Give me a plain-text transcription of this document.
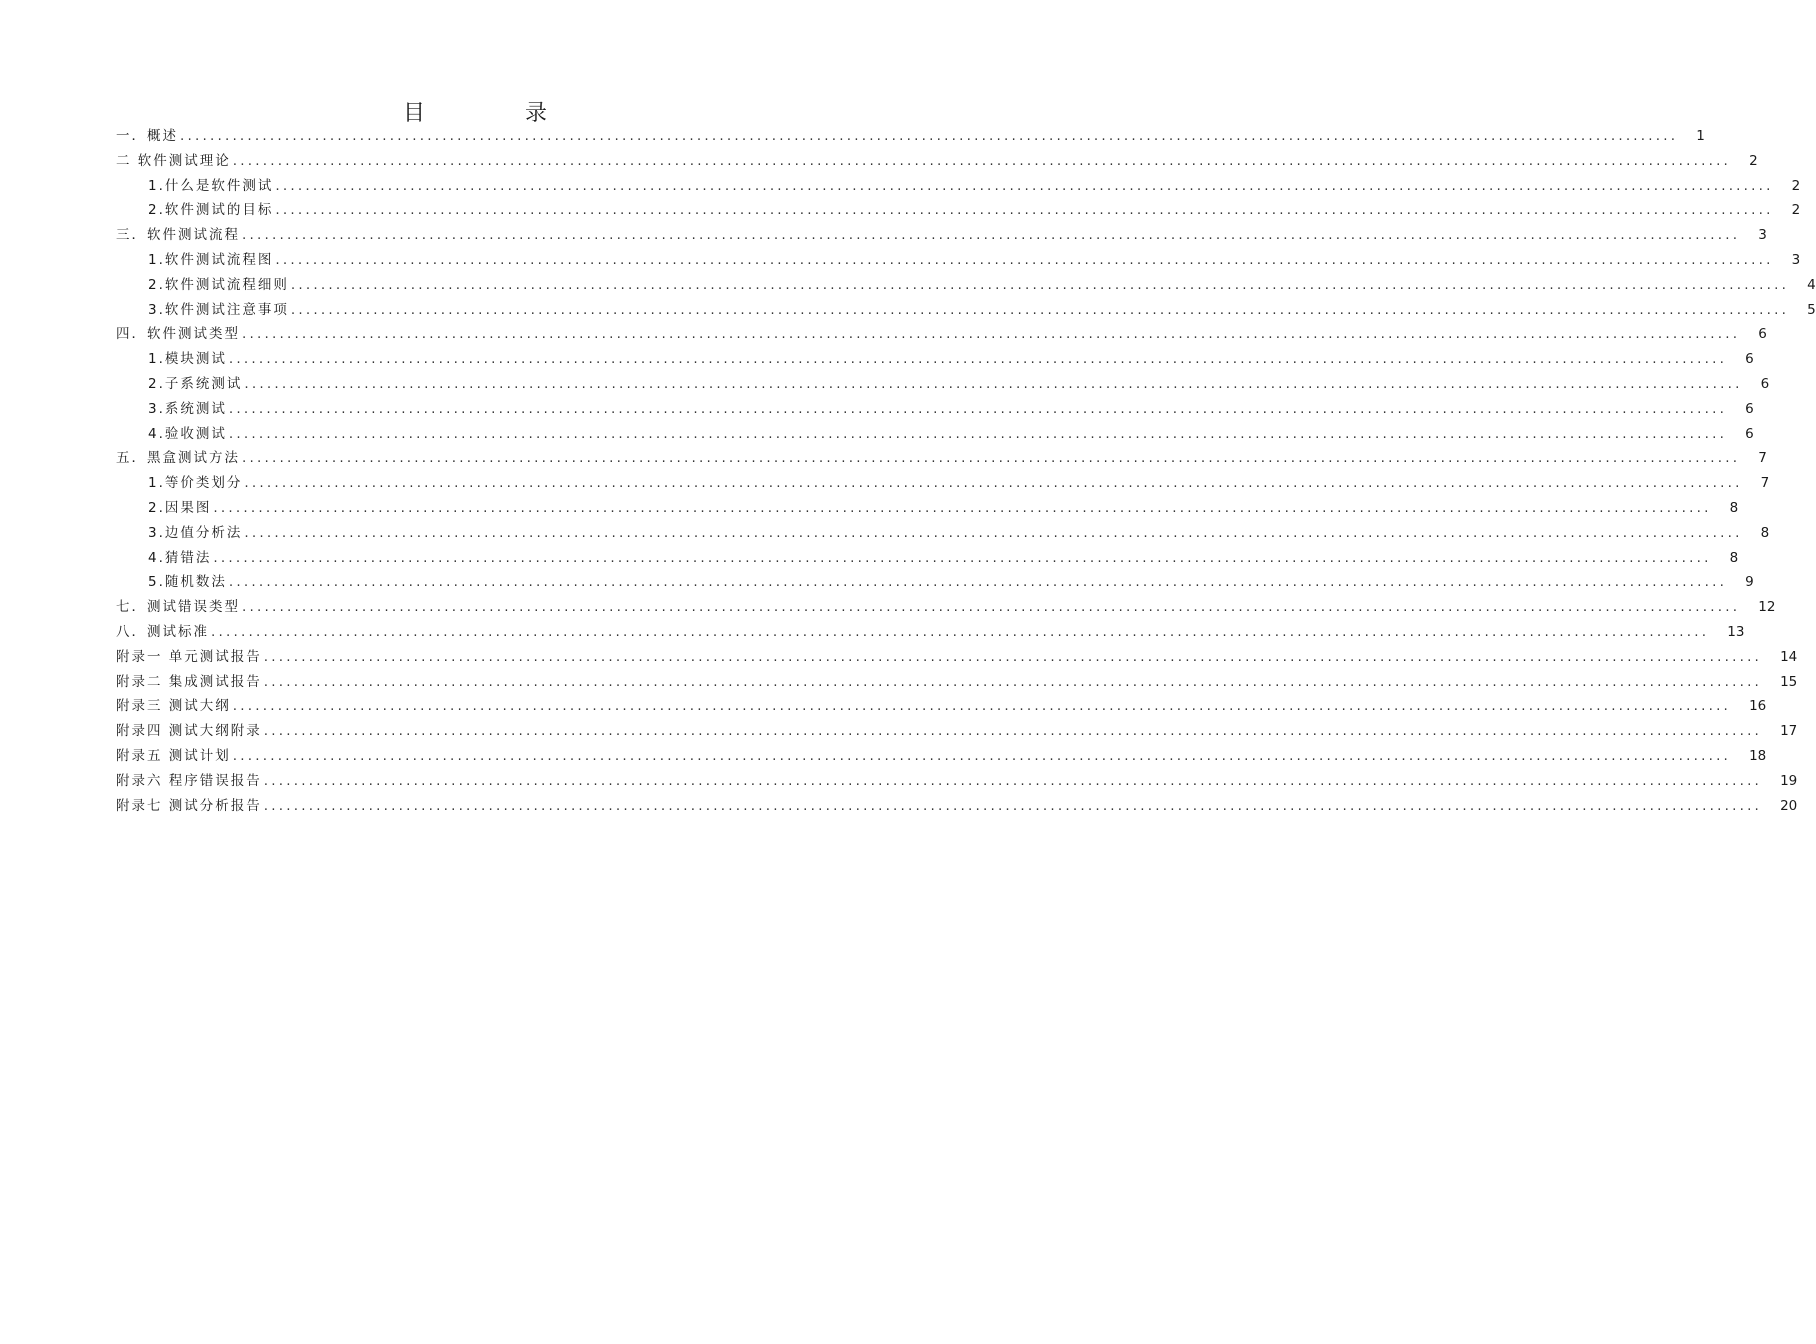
目	录
一．概述 ........................................................................................................................................................................................................ 1
二 软件测试理论 ........................................................................................................................................................................................................ 2
1.什么是软件测试 ........................................................................................................................................................................................................ 2
2.软件测试的目标 ........................................................................................................................................................................................................ 2
三．软件测试流程 ........................................................................................................................................................................................................ 3
1.软件测试流程图 ........................................................................................................................................................................................................ 3
2.软件测试流程细则 ........................................................................................................................................................................................................ 4
3.软件测试注意事项 ........................................................................................................................................................................................................ 5
四．软件测试类型 ........................................................................................................................................................................................................ 6
1.模块测试 ........................................................................................................................................................................................................ 6
2.子系统测试 ........................................................................................................................................................................................................ 6
3.系统测试 ........................................................................................................................................................................................................ 6
4.验收测试 ........................................................................................................................................................................................................ 6
五．黑盒测试方法 ........................................................................................................................................................................................................ 7
1.等价类划分 ........................................................................................................................................................................................................ 7
2.因果图 ........................................................................................................................................................................................................ 8
3.边值分析法 ........................................................................................................................................................................................................ 8
4.猜错法 ........................................................................................................................................................................................................ 8
5.随机数法 ........................................................................................................................................................................................................ 9
七．测试错误类型 ........................................................................................................................................................................................................ 12
八．测试标准 ........................................................................................................................................................................................................ 13
附录一 单元测试报告 ........................................................................................................................................................................................................ 14
附录二 集成测试报告 ........................................................................................................................................................................................................ 15
附录三 测试大纲 ........................................................................................................................................................................................................ 16
附录四 测试大纲附录 ........................................................................................................................................................................................................ 17
附录五 测试计划 ........................................................................................................................................................................................................ 18
附录六 程序错误报告 ........................................................................................................................................................................................................ 19
附录七 测试分析报告 ........................................................................................................................................................................................................ 20
